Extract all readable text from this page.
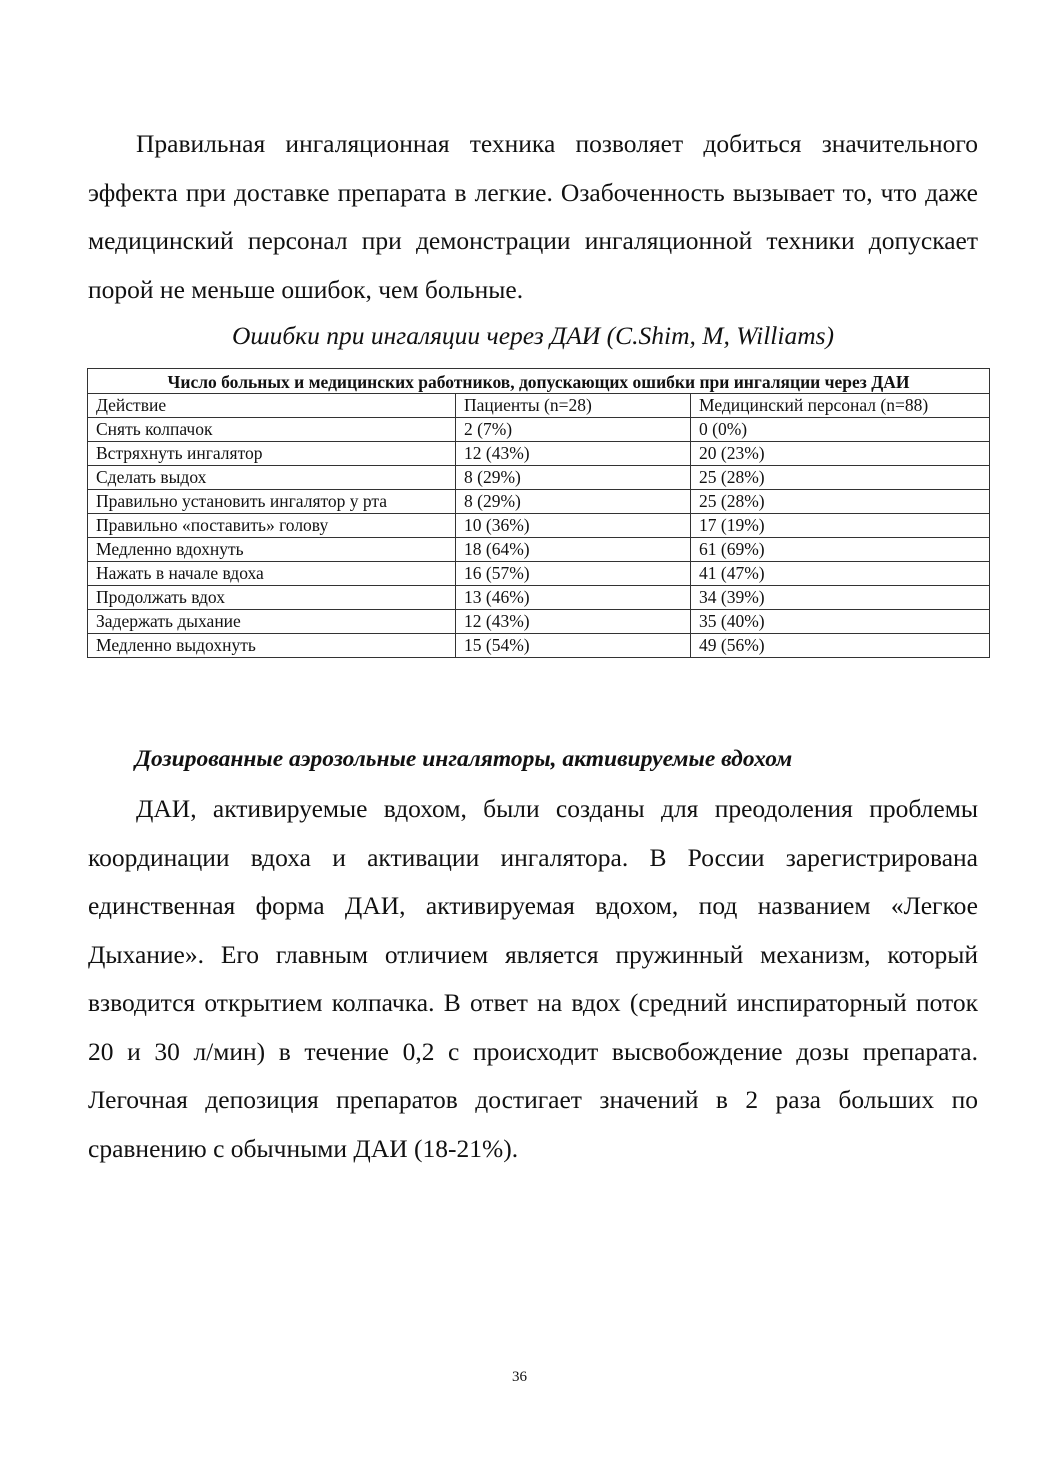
Правильная ингаляционная техника позволяет добиться значительного эффекта при доставке препарата в легкие. Озабоченность вызывает то, что даже медицинский персонал при демонстрации ингаляционной техники допускает порой не меньше ошибок, чем больные.

Ошибки при ингаляции через ДАИ (C.Shim, M, Williams)

Число больных и медицинских работников, допускающих ошибки при ингаляции через ДАИ		
Действие	Пациенты (n=28)	Медицинский персонал (n=88)
Снять колпачок	2 (7%)	0 (0%)
Встряхнуть ингалятор	12 (43%)	20 (23%)
Сделать выдох	8 (29%)	25 (28%)
Правильно установить ингалятор у рта	8 (29%)	25 (28%)
Правильно «поставить» голову	10 (36%)	17 (19%)
Медленно вдохнуть	18 (64%)	61 (69%)
Нажать в начале вдоха	16 (57%)	41 (47%)
Продолжать вдох	13 (46%)	34 (39%)
Задержать дыхание	12 (43%)	35 (40%)
Медленно выдохнуть	15 (54%)	49 (56%)
Дозированные аэрозольные ингаляторы, активируемые вдохом

ДАИ, активируемые вдохом, были созданы для преодоления проблемы координации вдоха и активации ингалятора. В России зарегистрирована единственная форма ДАИ, активируемая вдохом, под названием «Легкое Дыхание». Его главным отличием является пружинный механизм, который взводится открытием колпачка. В ответ на вдох (средний инспираторный поток 20 и 30 л/мин) в течение 0,2 с происходит высвобождение дозы препарата. Легочная депозиция препаратов достигает значений в 2 раза больших по сравнению с обычными ДАИ (18-21%).

36
